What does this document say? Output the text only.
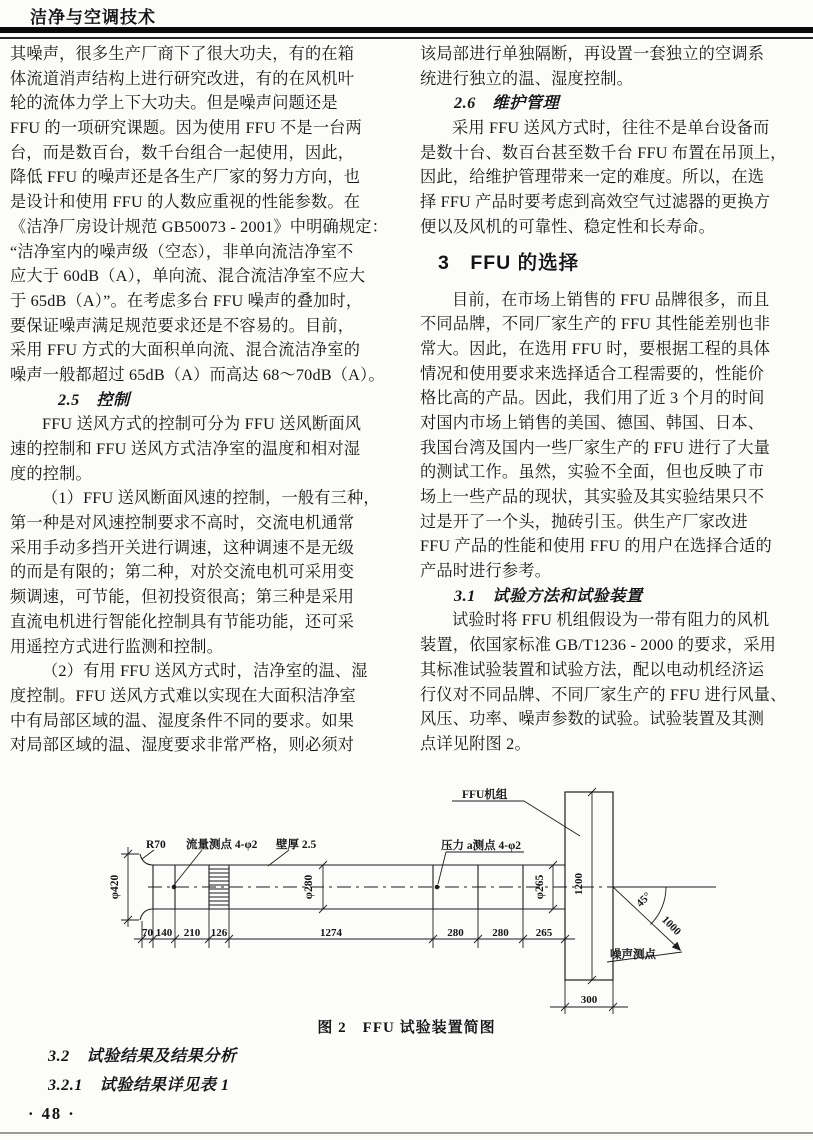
洁净与空调技术
其噪声，很多生产厂商下了很大功夫，有的在箱
体流道消声结构上进行研究改进，有的在风机叶
轮的流体力学上下大功夫。但是噪声问题还是
FFU 的一项研究课题。因为使用 FFU 不是一台两
台，而是数百台，数千台组合一起使用，因此，
降低 FFU 的噪声还是各生产厂家的努力方向，也
是设计和使用 FFU 的人数应重视的性能参数。在
《洁净厂房设计规范 GB50073 - 2001》中明确规定：
“洁净室内的噪声级（空态），非单向流洁净室不
应大于 60dB（A），单向流、混合流洁净室不应大
于 65dB（A）”。在考虑多台 FFU 噪声的叠加时，
要保证噪声满足规范要求还是不容易的。目前，
采用 FFU 方式的大面积单向流、混合流洁净室的
噪声一般都超过 65dB（A）而高达 68～70dB（A）。
2.5　控制
FFU 送风方式的控制可分为 FFU 送风断面风
速的控制和 FFU 送风方式洁净室的温度和相对湿
度的控制。
（1）FFU 送风断面风速的控制，一般有三种，
第一种是对风速控制要求不高时，交流电机通常
采用手动多挡开关进行调速，这种调速不是无级
的而是有限的；第二种，对於交流电机可采用变
频调速，可节能，但初投资很高；第三种是采用
直流电机进行智能化控制具有节能功能，还可采
用遥控方式进行监测和控制。
（2）有用 FFU 送风方式时，洁净室的温、湿
度控制。FFU 送风方式难以实现在大面积洁净室
中有局部区域的温、湿度条件不同的要求。如果
对局部区域的温、湿度要求非常严格，则必须对
该局部进行单独隔断，再设置一套独立的空调系
统进行独立的温、湿度控制。
2.6　维护管理
采用 FFU 送风方式时，往往不是单台设备而
是数十台、数百台甚至数千台 FFU 布置在吊顶上，
因此，给维护管理带来一定的难度。所以，在选
择 FFU 产品时要考虑到高效空气过滤器的更换方
便以及风机的可靠性、稳定性和长寿命。
3　FFU 的选择
目前，在市场上销售的 FFU 品牌很多，而且
不同品牌，不同厂家生产的 FFU 其性能差别也非
常大。因此，在选用 FFU 时，要根据工程的具体
情况和使用要求来选择适合工程需要的，性能价
格比高的产品。因此，我们用了近 3 个月的时间
对国内市场上销售的美国、德国、韩国、日本、
我国台湾及国内一些厂家生产的 FFU 进行了大量
的测试工作。虽然，实验不全面，但也反映了市
场上一些产品的现状，其实验及其实验结果只不
过是开了一个头，抛砖引玉。供生产厂家改进
FFU 产品的性能和使用 FFU 的用户在选择合适的
产品时进行参考。
3.1　试验方法和试验装置
试验时将 FFU 机组假设为一带有阻力的风机
装置，依国家标准 GB/T1236 - 2000 的要求，采用
其标准试验装置和试验方法，配以电动机经济运
行仪对不同品牌、不同厂家生产的 FFU 进行风量、
风压、功率、噪声参数的试验。试验装置及其测
点详见附图 2。
FFU机组
R70 流量测点 4-φ2 壁厚 2.5	压力 a测点 4-φ2
噪声测点
φ420	φ280	φ265 1200
45°
1000
300
70 140 210 126	1274	280	280 265
图 2　FFU 试验装置简图
3.2　试验结果及结果分析
3.2.1　试验结果详见表 1
· 48 ·
